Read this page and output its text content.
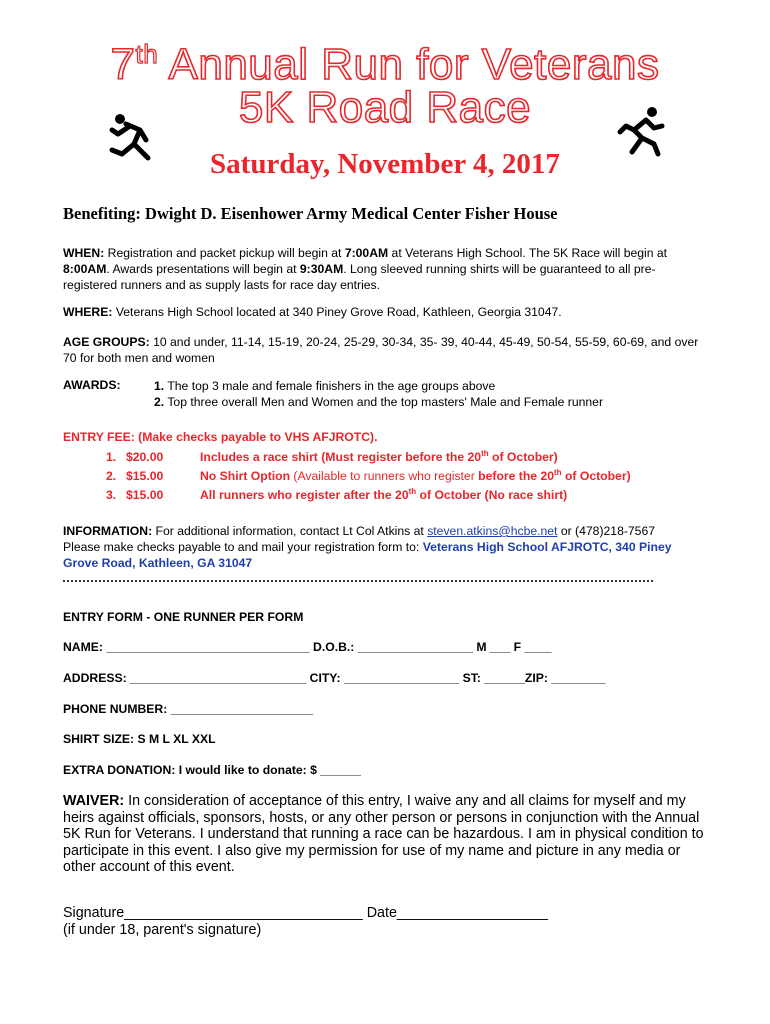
7th Annual Run for Veterans
5K Road Race
Saturday, November 4, 2017
Benefiting: Dwight D. Eisenhower Army Medical Center Fisher House
WHEN: Registration and packet pickup will begin at 7:00AM at Veterans High School. The 5K Race will begin at 8:00AM. Awards presentations will begin at 9:30AM. Long sleeved running shirts will be guaranteed to all pre-registered runners and as supply lasts for race day entries.
WHERE: Veterans High School located at 340 Piney Grove Road, Kathleen, Georgia 31047.
AGE GROUPS: 10 and under, 11-14, 15-19, 20-24, 25-29, 30-34, 35- 39, 40-44, 45-49, 50-54, 55-59, 60-69, and over 70 for both men and women
AWARDS:	1. The top 3 male and female finishers in the age groups above
2. Top three overall Men and Women and the top masters' Male and Female runner
ENTRY FEE: (Make checks payable to VHS AFJROTC).
1. $20.00	Includes a race shirt (Must register before the 20th of October)
2. $15.00	No Shirt Option (Available to runners who register before the 20th of October)
3. $15.00	All runners who register after the 20th of October (No race shirt)
INFORMATION: For additional information, contact Lt Col Atkins at steven.atkins@hcbe.net or (478)218-7567
Please make checks payable to and mail your registration form to: Veterans High School AFJROTC, 340 Piney Grove Road, Kathleen, GA 31047
ENTRY FORM - ONE RUNNER PER FORM
NAME: ______________________________ D.O.B.: _________________ M ___ F ____
ADDRESS: __________________________ CITY: _________________ ST: ______ZIP: ________
PHONE NUMBER: _____________________
SHIRT SIZE: S M L XL XXL
EXTRA DONATION: I would like to donate: $ ______
WAIVER: In consideration of acceptance of this entry, I waive any and all claims for myself and my heirs against officials, sponsors, hosts, or any other person or persons in conjunction with the Annual 5K Run for Veterans. I understand that running a race can be hazardous. I am in physical condition to participate in this event. I also give my permission for use of my name and picture in any media or other account of this event.
Signature______________________________ Date___________________
(if under 18, parent's signature)
